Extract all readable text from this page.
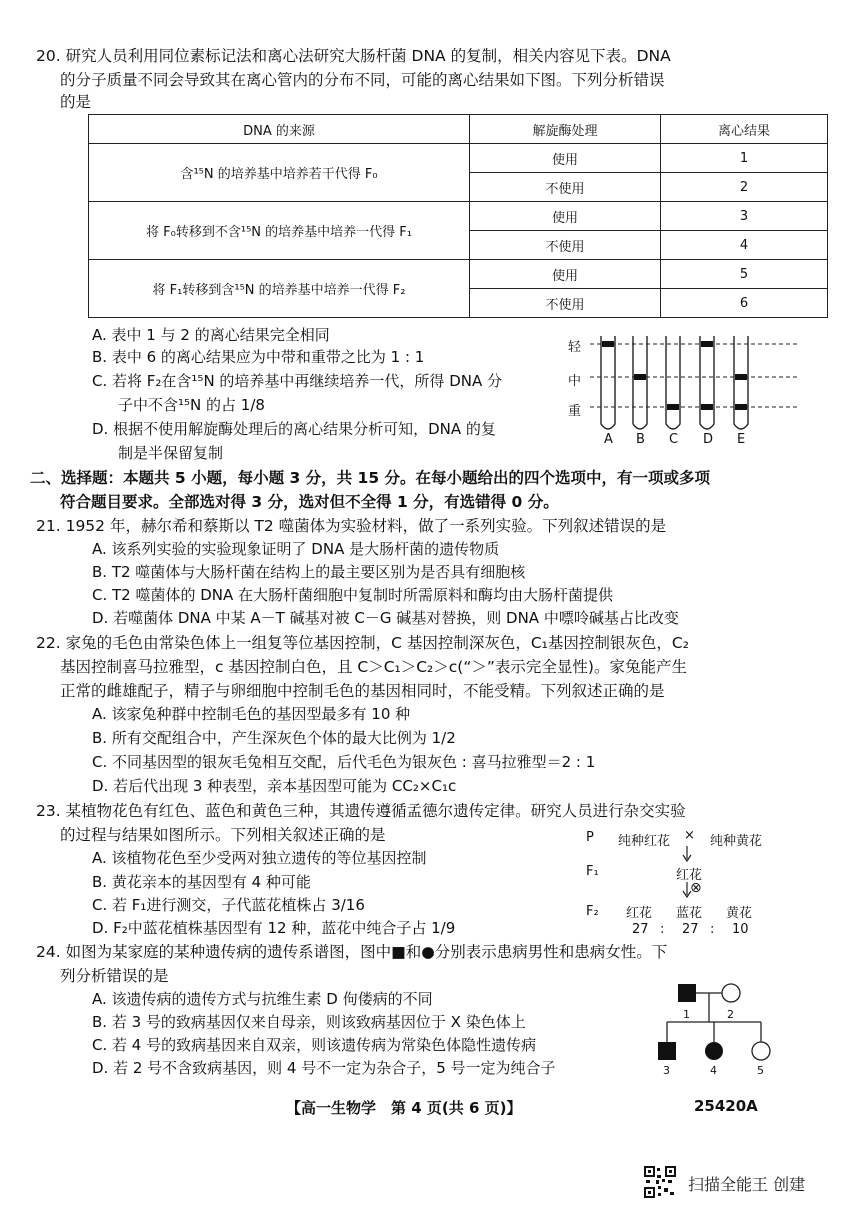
20. 研究人员利用同位素标记法和离心法研究大肠杆菌 DNA 的复制，相关内容见下表。DNA
的分子质量不同会导致其在离心管内的分布不同，可能的离心结果如下图。下列分析错误
的是
DNA 的来源	解旋酶处理	离心结果
含¹⁵N 的培养基中培养若干代得 F₀	使用	1
	不使用	2
将 F₀转移到不含¹⁵N 的培养基中培养一代得 F₁	使用	3
	不使用	4
将 F₁转移到含¹⁵N 的培养基中培养一代得 F₂	使用	5
	不使用	6
A. 表中 1 与 2 的离心结果完全相同
B. 表中 6 的离心结果应为中带和重带之比为 1 : 1
C. 若将 F₂在含¹⁵N 的培养基中再继续培养一代，所得 DNA 分
子中不含¹⁵N 的占 1/8
D. 根据不使用解旋酶处理后的离心结果分析可知，DNA 的复
制是半保留复制
轻
中
重
A B C D E
二、选择题：本题共 5 小题，每小题 3 分，共 15 分。在每小题给出的四个选项中，有一项或多项
符合题目要求。全部选对得 3 分，选对但不全得 1 分，有选错得 0 分。
21. 1952 年，赫尔希和蔡斯以 T2 噬菌体为实验材料，做了一系列实验。下列叙述错误的是
A. 该系列实验的实验现象证明了 DNA 是大肠杆菌的遗传物质
B. T2 噬菌体与大肠杆菌在结构上的最主要区别为是否具有细胞核
C. T2 噬菌体的 DNA 在大肠杆菌细胞中复制时所需原料和酶均由大肠杆菌提供
D. 若噬菌体 DNA 中某 A－T 碱基对被 C－G 碱基对替换，则 DNA 中嘌呤碱基占比改变
22. 家兔的毛色由常染色体上一组复等位基因控制，C 基因控制深灰色，C₁基因控制银灰色，C₂
基因控制喜马拉雅型，c 基因控制白色，且 C＞C₁＞C₂＞c(“＞”表示完全显性)。家兔能产生
正常的雌雄配子，精子与卵细胞中控制毛色的基因相同时，不能受精。下列叙述正确的是
A. 该家兔种群中控制毛色的基因型最多有 10 种
B. 所有交配组合中，产生深灰色个体的最大比例为 1/2
C. 不同基因型的银灰毛兔相互交配，后代毛色为银灰色 : 喜马拉雅型＝2 : 1
D. 若后代出现 3 种表型，亲本基因型可能为 CC₂×C₁c
23. 某植物花色有红色、蓝色和黄色三种，其遗传遵循孟德尔遗传定律。研究人员进行杂交实验
的过程与结果如图所示。下列相关叙述正确的是
A. 该植物花色至少受两对独立遗传的等位基因控制
B. 黄花亲本的基因型有 4 种可能
C. 若 F₁进行测交，子代蓝花植株占 3/16
D. F₂中蓝花植株基因型有 12 种，蓝花中纯合子占 1/9
P 纯种红花 × 纯种黄花
F₁	红花
⊗
F₂ 红花 蓝花 黄花
27 : 27 : 10
24. 如图为某家庭的某种遗传病的遗传系谱图，图中■和●分别表示患病男性和患病女性。下
列分析错误的是
A. 该遗传病的遗传方式与抗维生素 D 佝偻病的不同
B. 若 3 号的致病基因仅来自母亲，则该致病基因位于 X 染色体上
C. 若 4 号的致病基因来自双亲，则该遗传病为常染色体隐性遗传病
D. 若 2 号不含致病基因，则 4 号不一定为杂合子，5 号一定为纯合子
1	2
3	4	5
【高一生物学　第 4 页(共 6 页)】	25420A
扫描全能王 创建
